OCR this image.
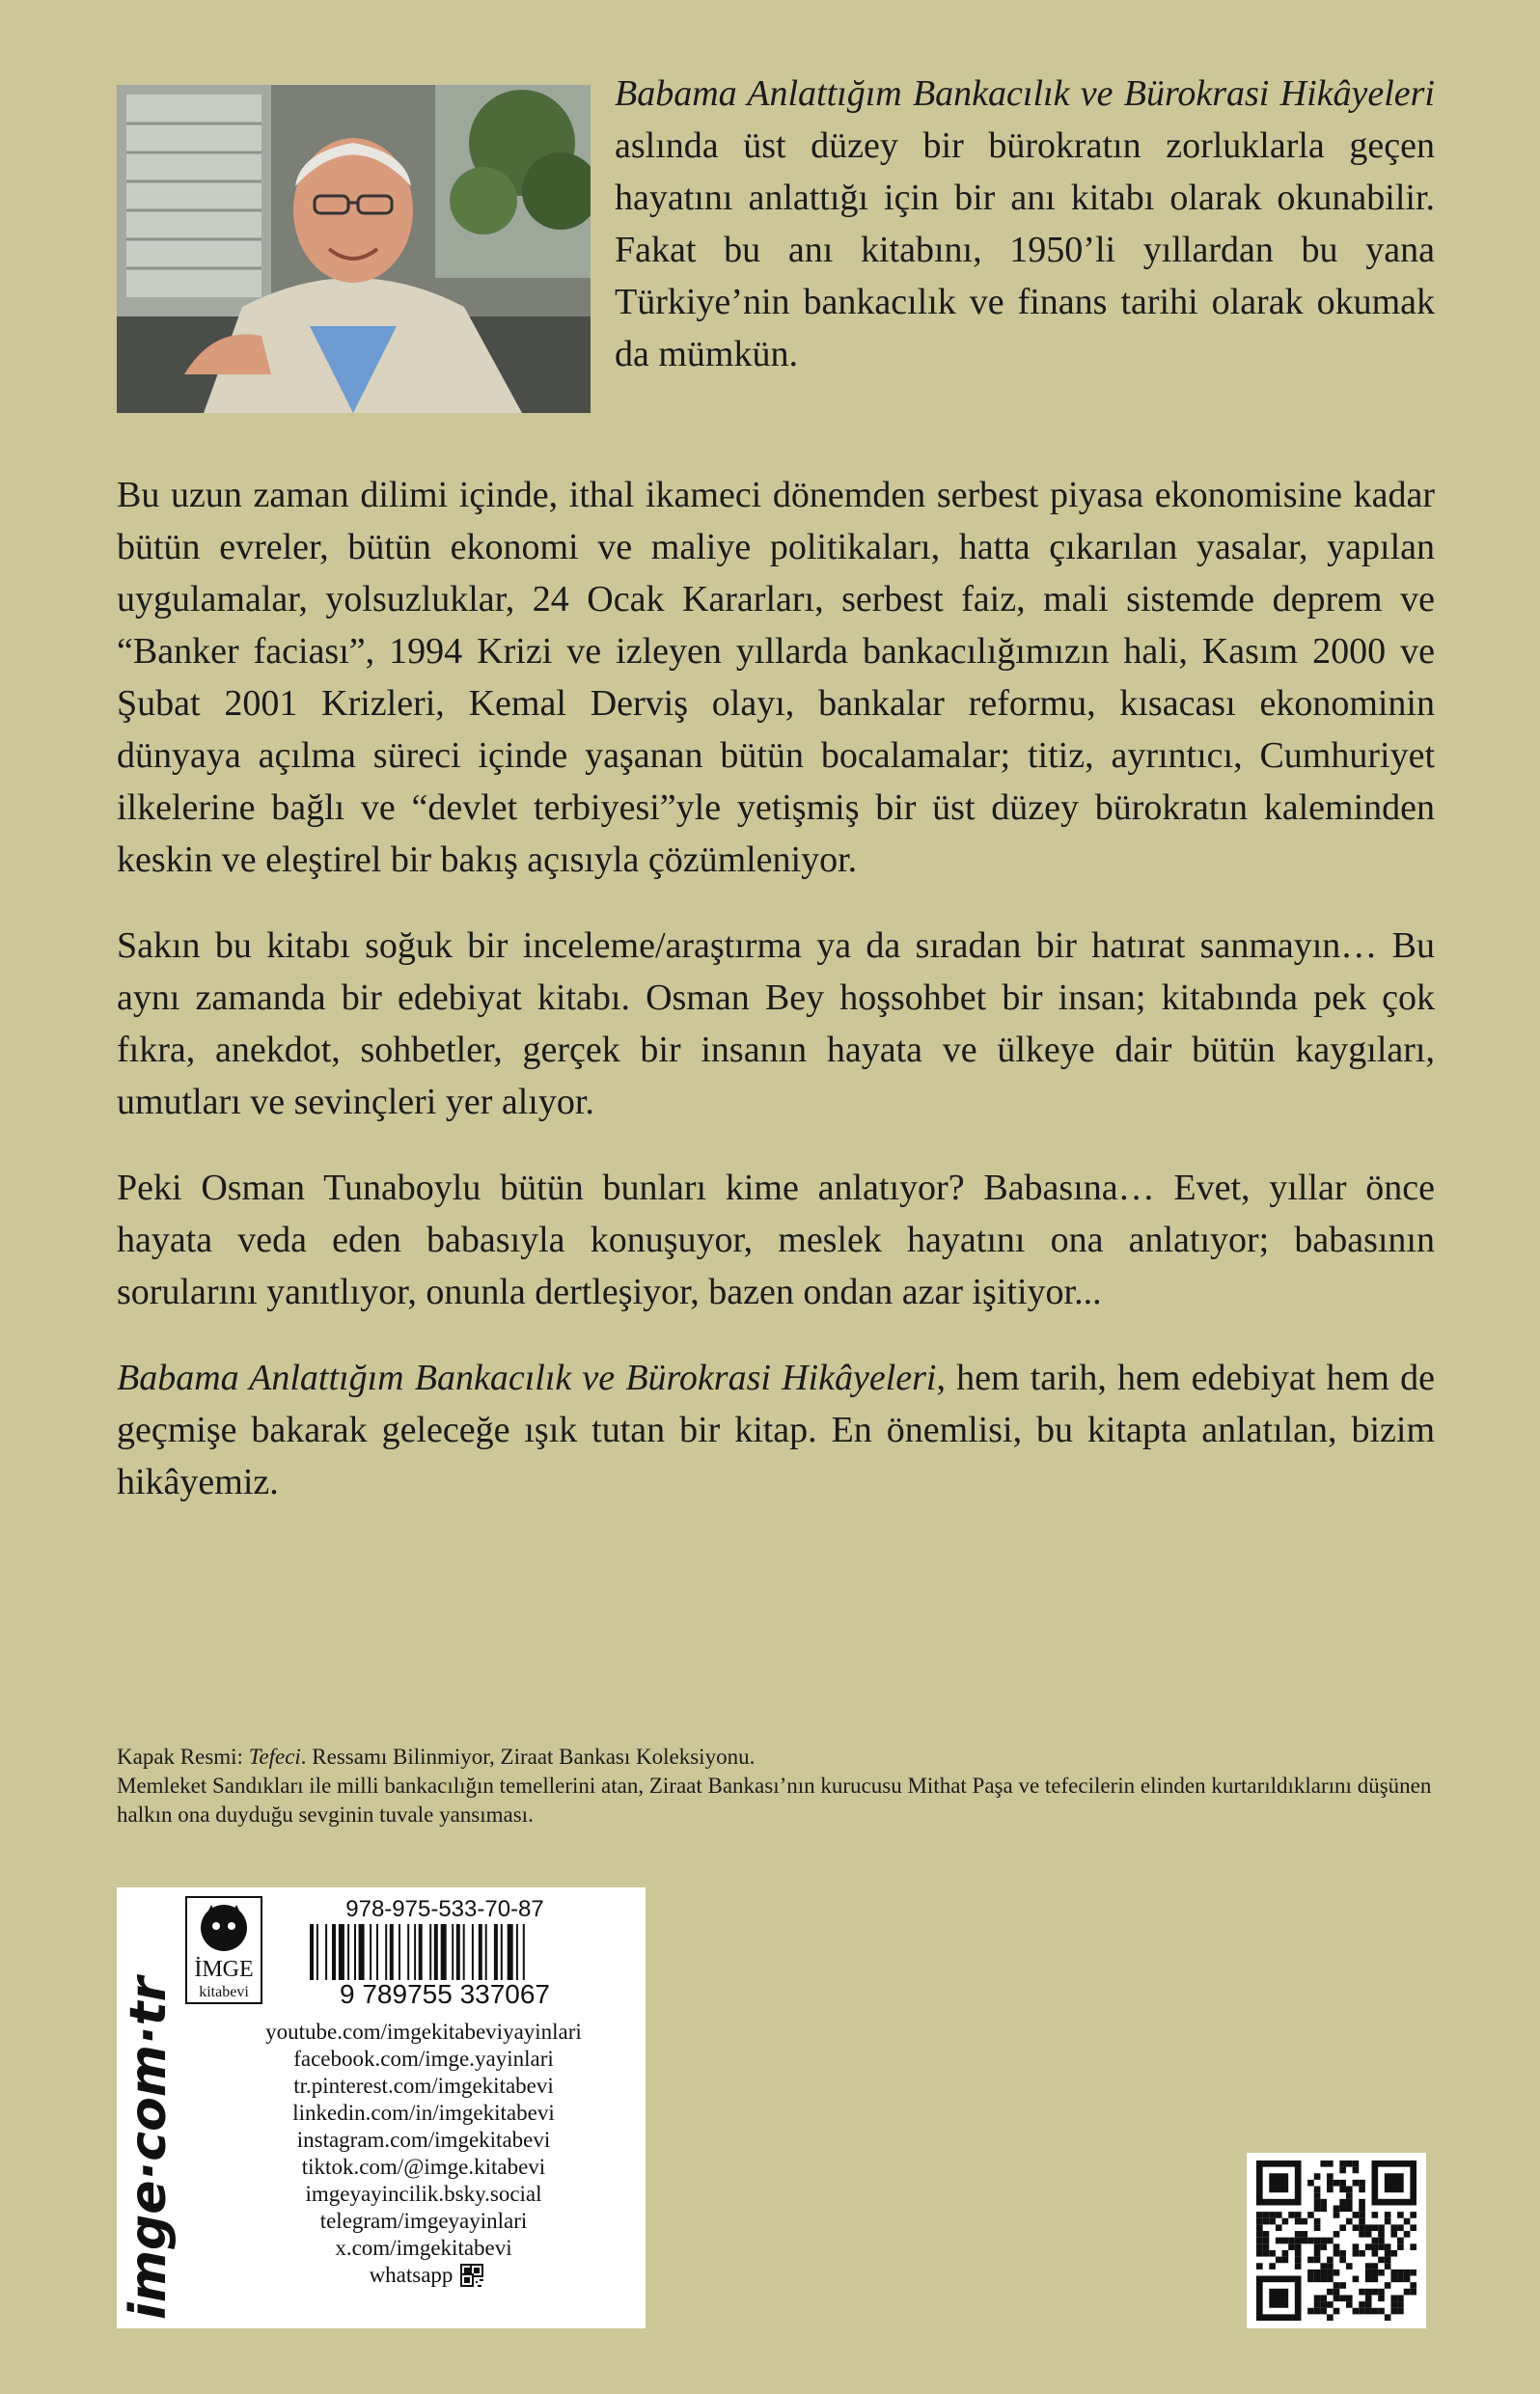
Babama Anlattığım Bankacılık ve Bürokrasi Hikâyeleri aslında üst düzey bir bürokratın zorluklarla geçen hayatını anlattığı için bir anı kitabı olarak okunabilir. Fakat bu anı kitabını, 1950’li yıllardan bu yana Türkiye’nin bankacılık ve finans tarihi olarak okumak da mümkün.

Bu uzun zaman dilimi içinde, ithal ikameci dönemden serbest piyasa ekonomisine kadar bütün evreler, bütün ekonomi ve maliye politikaları, hatta çıkarılan yasalar, yapılan uygulamalar, yolsuzluklar, 24 Ocak Kararları, serbest faiz, mali sistemde deprem ve “Banker faciası”, 1994 Krizi ve izleyen yıllarda bankacılığımızın hali, Kasım 2000 ve Şubat 2001 Krizleri, Kemal Derviş olayı, bankalar reformu, kısacası ekonominin dünyaya açılma süreci içinde yaşanan bütün bocalamalar; titiz, ayrıntıcı, Cumhuriyet ilkelerine bağlı ve “devlet terbiyesi”yle yetişmiş bir üst düzey bürokratın kaleminden keskin ve eleştirel bir bakış açısıyla çözümleniyor.

Sakın bu kitabı soğuk bir inceleme/araştırma ya da sıradan bir hatırat sanmayın… Bu aynı zamanda bir edebiyat kitabı. Osman Bey hoşsohbet bir insan; kitabında pek çok fıkra, anekdot, sohbetler, gerçek bir insanın hayata ve ülkeye dair bütün kaygıları, umutları ve sevinçleri yer alıyor.

Peki Osman Tunaboylu bütün bunları kime anlatıyor? Babasına… Evet, yıllar önce hayata veda eden babasıyla konuşuyor, meslek hayatını ona anlatıyor; babasının sorularını yanıtlıyor, onunla dertleşiyor, bazen ondan azar işitiyor...

Babama Anlattığım Bankacılık ve Bürokrasi Hikâyeleri, hem tarih, hem edebiyat hem de geçmişe bakarak geleceğe ışık tutan bir kitap. En önemlisi, bu kitapta anlatılan, bizim hikâyemiz.

Kapak Resmi: Tefeci. Ressamı Bilinmiyor, Ziraat Bankası Koleksiyonu.
Memleket Sandıkları ile milli bankacılığın temellerini atan, Ziraat Bankası’nın kurucusu Mithat Paşa ve tefecilerin elinden kurtarıldıklarını düşünen halkın ona duyduğu sevginin tuvale yansıması.
imge·com·tr
İMGE
kitabevi
978-975-533-70-87
9 789755 337067
youtube.com/imgekitabeviyayinlari
facebook.com/imge.yayinlari
tr.pinterest.com/imgekitabevi
linkedin.com/in/imgekitabevi
instagram.com/imgekitabevi
tiktok.com/@imge.kitabevi
imgeyayincilik.bsky.social
telegram/imgeyayinlari
x.com/imgekitabevi
whatsapp
